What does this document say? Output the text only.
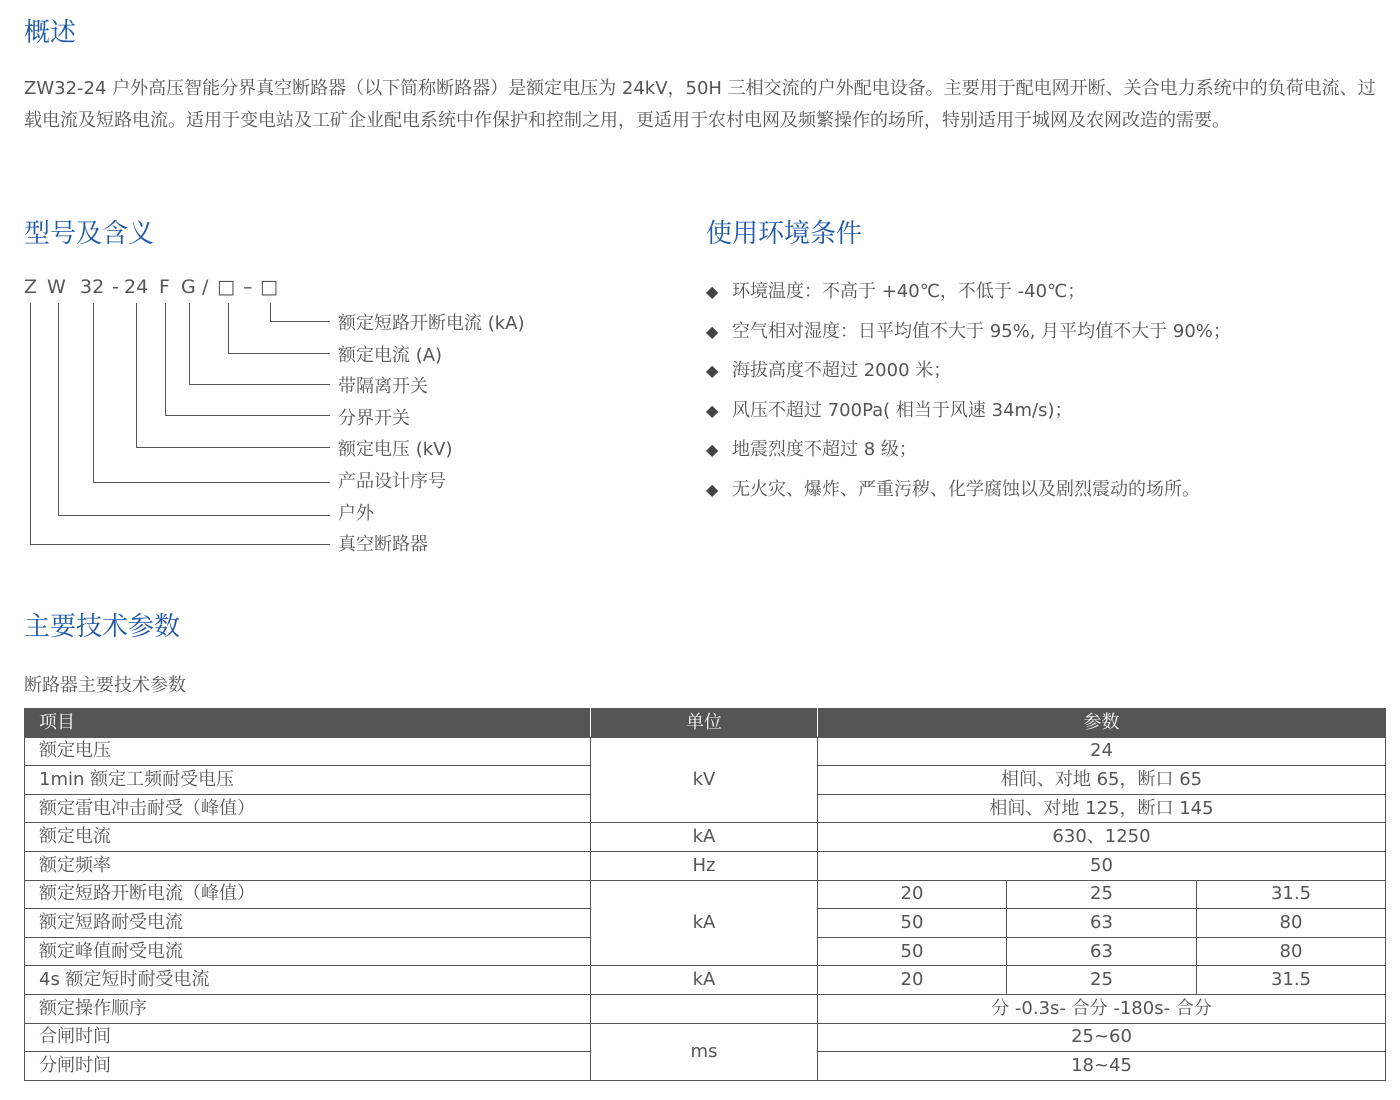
概述

ZW32-24 户外高压智能分界真空断路器（以下简称断路器）是额定电压为 24kV，50H 三相交流的户外配电设备。主要用于配电网开断、关合电力系统中的负荷电流、过载电流及短路电流。适用于变电站及工矿企业配电系统中作保护和控制之用，更适用于农村电网及频繁操作的场所，特别适用于城网及农网改造的需要。

型号及含义
Z W 32 - 24 F G / □ – □
额定短路开断电流 (kA)
额定电流 (A)
带隔离开关
分界开关
额定电压 (kV)
产品设计序号
户外
真空断路器
使用环境条件
◆ 环境温度：不高于 +40℃，不低于 -40℃；
◆ 空气相对湿度：日平均值不大于 95%, 月平均值不大于 90%；
◆ 海拔高度不超过 2000 米；
◆ 风压不超过 700Pa( 相当于风速 34m/s)；
◆ 地震烈度不超过 8 级；
◆ 无火灾、爆炸、严重污秽、化学腐蚀以及剧烈震动的场所。
主要技术参数
断路器主要技术参数
项目	单位	参数		
额定电压	kV	24		
1min 额定工频耐受电压		相间、对地 65，断口 65		
额定雷电冲击耐受（峰值）		相间、对地 125，断口 145		
额定电流	kA	630、1250		
额定频率	Hz	50		
额定短路开断电流（峰值）	kA	20	25	31.5
额定短路耐受电流		50	63	80
额定峰值耐受电流		50	63	80
4s 额定短时耐受电流	kA	20	25	31.5
额定操作顺序		分 -0.3s- 合分 -180s- 合分		
合闸时间	ms	25~60		
分闸时间		18~45		
